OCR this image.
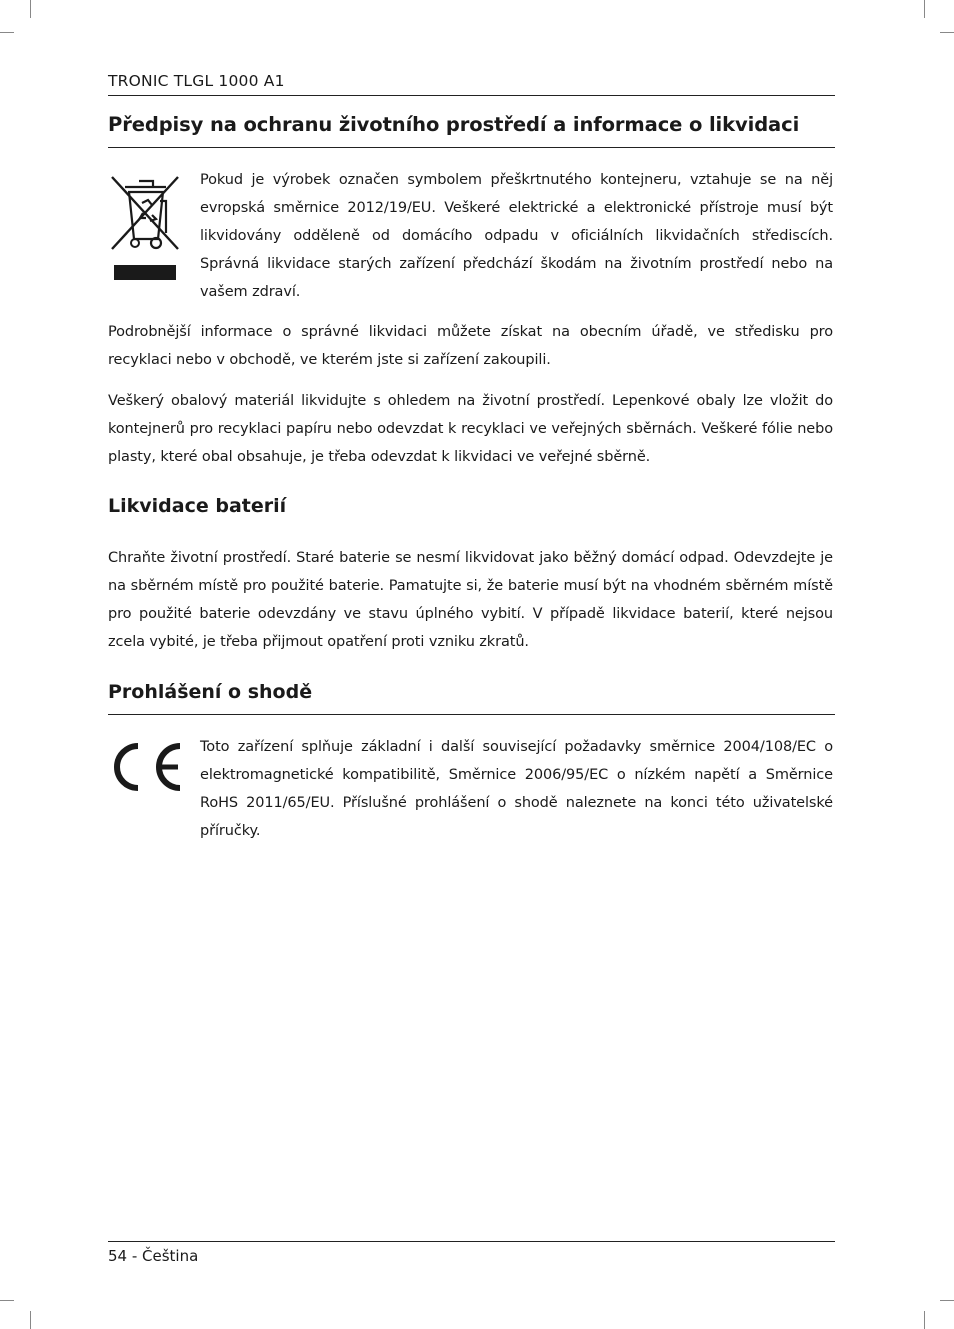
TRONIC TLGL 1000 A1
Předpisy na ochranu životního prostředí a informace o likvidaci

Pokud je výrobek označen symbolem přeškrtnutého kontejneru, vztahuje se na něj evropská směrnice 2012/19/EU. Veškeré elektrické a elektronické přístroje musí být likvidovány odděleně od domácího odpadu v oficiálních likvidačních střediscích. Správná likvidace starých zařízení předchází škodám na životním prostředí nebo na vašem zdraví.

Podrobnější informace o správné likvidaci můžete získat na obecním úřadě, ve středisku pro recyklaci nebo v obchodě, ve kterém jste si zařízení zakoupili.

Veškerý obalový materiál likvidujte s ohledem na životní prostředí. Lepenkové obaly lze vložit do kontejnerů pro recyklaci papíru nebo odevzdat k recyklaci ve veřejných sběrnách. Veškeré fólie nebo plasty, které obal obsahuje, je třeba odevzdat k likvidaci ve veřejné sběrně.

Likvidace baterií

Chraňte životní prostředí. Staré baterie se nesmí likvidovat jako běžný domácí odpad. Odevzdejte je na sběrném místě pro použité baterie. Pamatujte si, že baterie musí být na vhodném sběrném místě pro použité baterie odevzdány ve stavu úplného vybití. V případě likvidace baterií, které nejsou zcela vybité, je třeba přijmout opatření proti vzniku zkratů.

Prohlášení o shodě

Toto zařízení splňuje základní i další související požadavky směrnice 2004/108/EC o elektromagnetické kompatibilitě, Směrnice 2006/95/EC o nízkém napětí a Směrnice RoHS 2011/65/EU. Příslušné prohlášení o shodě naleznete na konci této uživatelské příručky.

54 - Čeština
